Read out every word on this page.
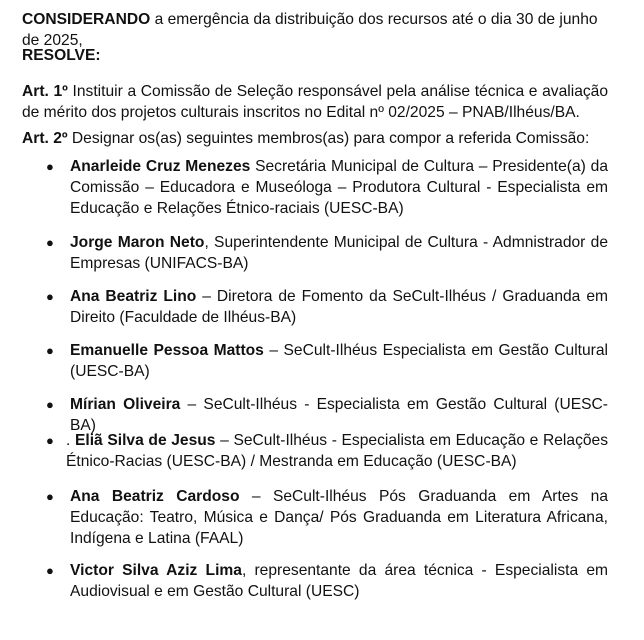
CONSIDERANDO a emergência da distribuição dos recursos até o dia 30 de junho de 2025,
RESOLVE:
Art. 1º Instituir a Comissão de Seleção responsável pela análise técnica e avaliação de mérito dos projetos culturais inscritos no Edital nº 02/2025 – PNAB/Ilhéus/BA.
Art. 2º Designar os(as) seguintes membros(as) para compor a referida Comissão:
● Anarleide Cruz Menezes Secretária Municipal de Cultura – Presidente(a) da Comissão – Educadora e Museóloga – Produtora Cultural - Especialista em Educação e Relações Étnico-raciais (UESC-BA)
● Jorge Maron Neto, Superintendente Municipal de Cultura - Admnistrador de Empresas (UNIFACS-BA)
● Ana Beatriz Lino – Diretora de Fomento da SeCult-Ilhéus / Graduanda em Direito (Faculdade de Ilhéus-BA)
● Emanuelle Pessoa Mattos – SeCult-Ilhéus Especialista em Gestão Cultural (UESC-BA)
● Mírian Oliveira – SeCult-Ilhéus - Especialista em Gestão Cultural (UESC-BA)
● . Eliã Silva de Jesus – SeCult-Ilhéus - Especialista em Educação e Relações Étnico-Racias (UESC-BA) / Mestranda em Educação (UESC-BA)
● Ana Beatriz Cardoso – SeCult-Ilhéus Pós Graduanda em Artes na Educação: Teatro, Música e Dança/ Pós Graduanda em Literatura Africana, Indígena e Latina (FAAL)
● Victor Silva Aziz Lima, representante da área técnica - Especialista em Audiovisual e em Gestão Cultural (UESC)
